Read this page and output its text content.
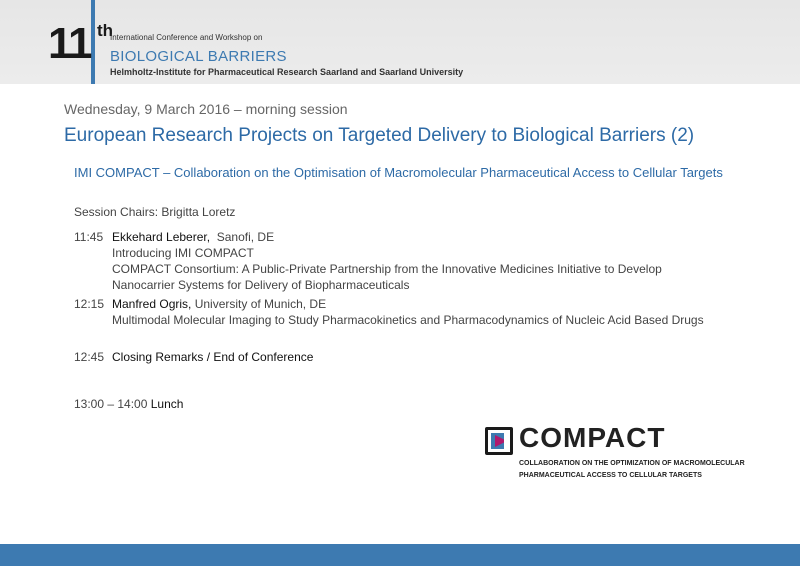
11 th
International Conference and Workshop on
BIOLOGICAL BARRIERS
Helmholtz-Institute for Pharmaceutical Research Saarland and Saarland University
Wednesday, 9 March 2016 – morning session
European Research Projects on Targeted Delivery to Biological Barriers (2)
IMI COMPACT – Collaboration on the Optimisation of Macromolecular Pharmaceutical Access to Cellular Targets
Session Chairs: Brigitta Loretz
11:45 Ekkehard Leberer, Sanofi, DE
Introducing IMI COMPACT
COMPACT Consortium: A Public-Private Partnership from the Innovative Medicines Initiative to Develop
Nanocarrier Systems for Delivery of Biopharmaceuticals
12:15 Manfred Ogris, University of Munich, DE
Multimodal Molecular Imaging to Study Pharmacokinetics and Pharmacodynamics of Nucleic Acid Based Drugs
12:45 Closing Remarks / End of Conference
13:00 – 14:00 Lunch
COMPACT
COLLABORATION ON THE OPTIMIZATION OF MACROMOLECULAR
PHARMACEUTICAL ACCESS TO CELLULAR TARGETS
